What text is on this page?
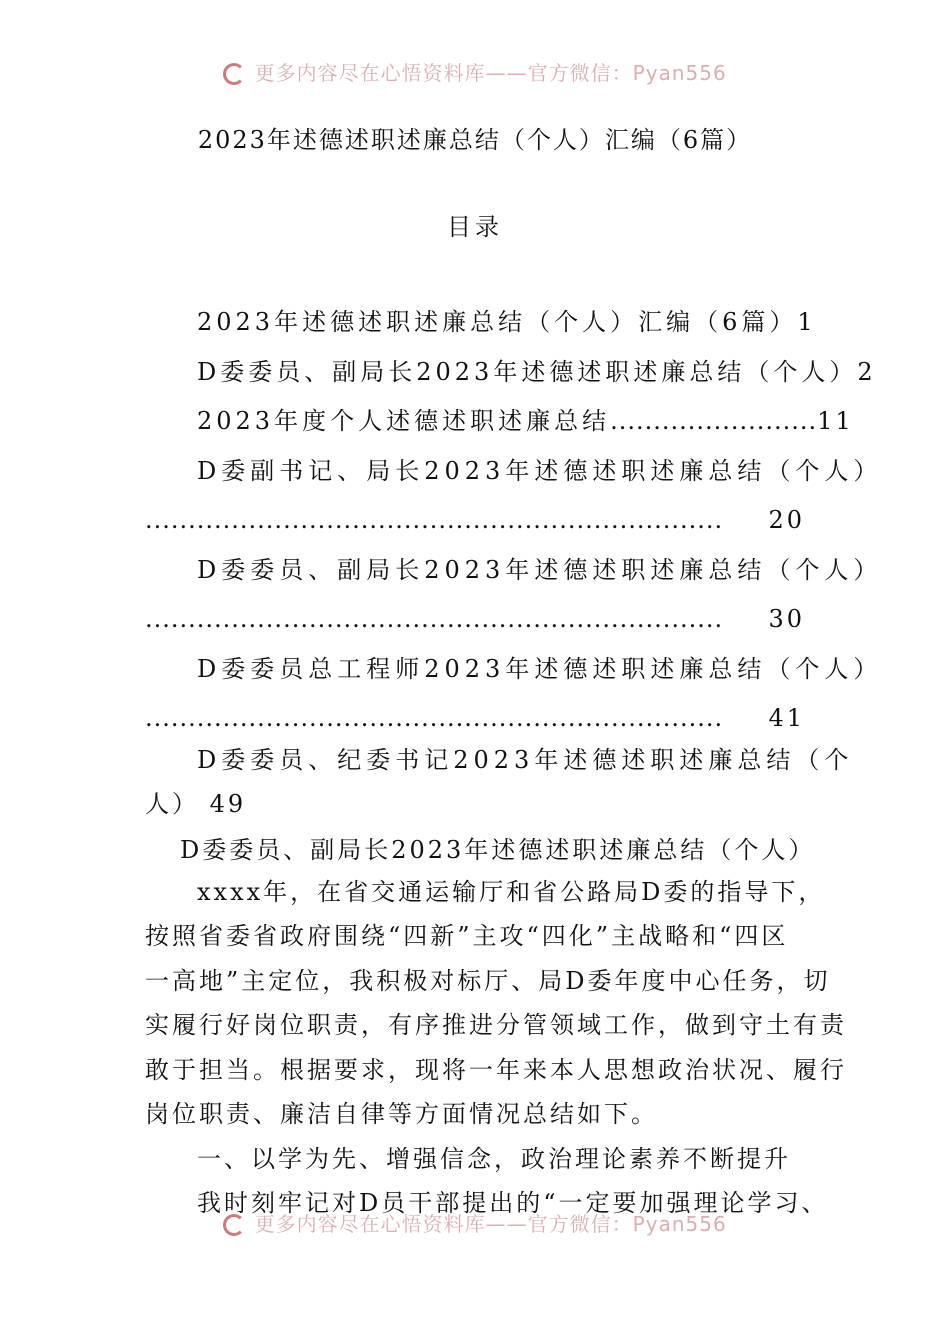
更多内容尽在心悟资料库——官方微信：Pyan556
2023年述德述职述廉总结（个人）汇编（6篇）
目录
2023年述德述职述廉总结（个人）汇编（6篇） 1
D委委员、副局长2023年述德述职述廉总结（个人） 2
2023年度个人述德述职述廉总结 ........................ 11
D委副书记、局长2023年述德述职述廉总结（个人）
...................................................................	20
D委委员、副局长2023年述德述职述廉总结（个人）
...................................................................	30
D委委员总工程师2023年述德述职述廉总结（个人）
...................................................................	41
D委委员、纪委书记2023年述德述职述廉总结（个
人） 49
D委委员、副局长2023年述德述职述廉总结（个人）
xxxx年，在省交通运输厅和省公路局D委的指导下，
按照省委省政府围绕“四新”主攻“四化”主战略和“四区
一高地”主定位，我积极对标厅、局D委年度中心任务，切
实履行好岗位职责，有序推进分管领域工作，做到守土有责
敢于担当。根据要求，现将一年来本人思想政治状况、履行
岗位职责、廉洁自律等方面情况总结如下。
一、以学为先、增强信念，政治理论素养不断提升
我时刻牢记对D员干部提出的“一定要加强理论学习、
更多内容尽在心悟资料库——官方微信：Pyan556
